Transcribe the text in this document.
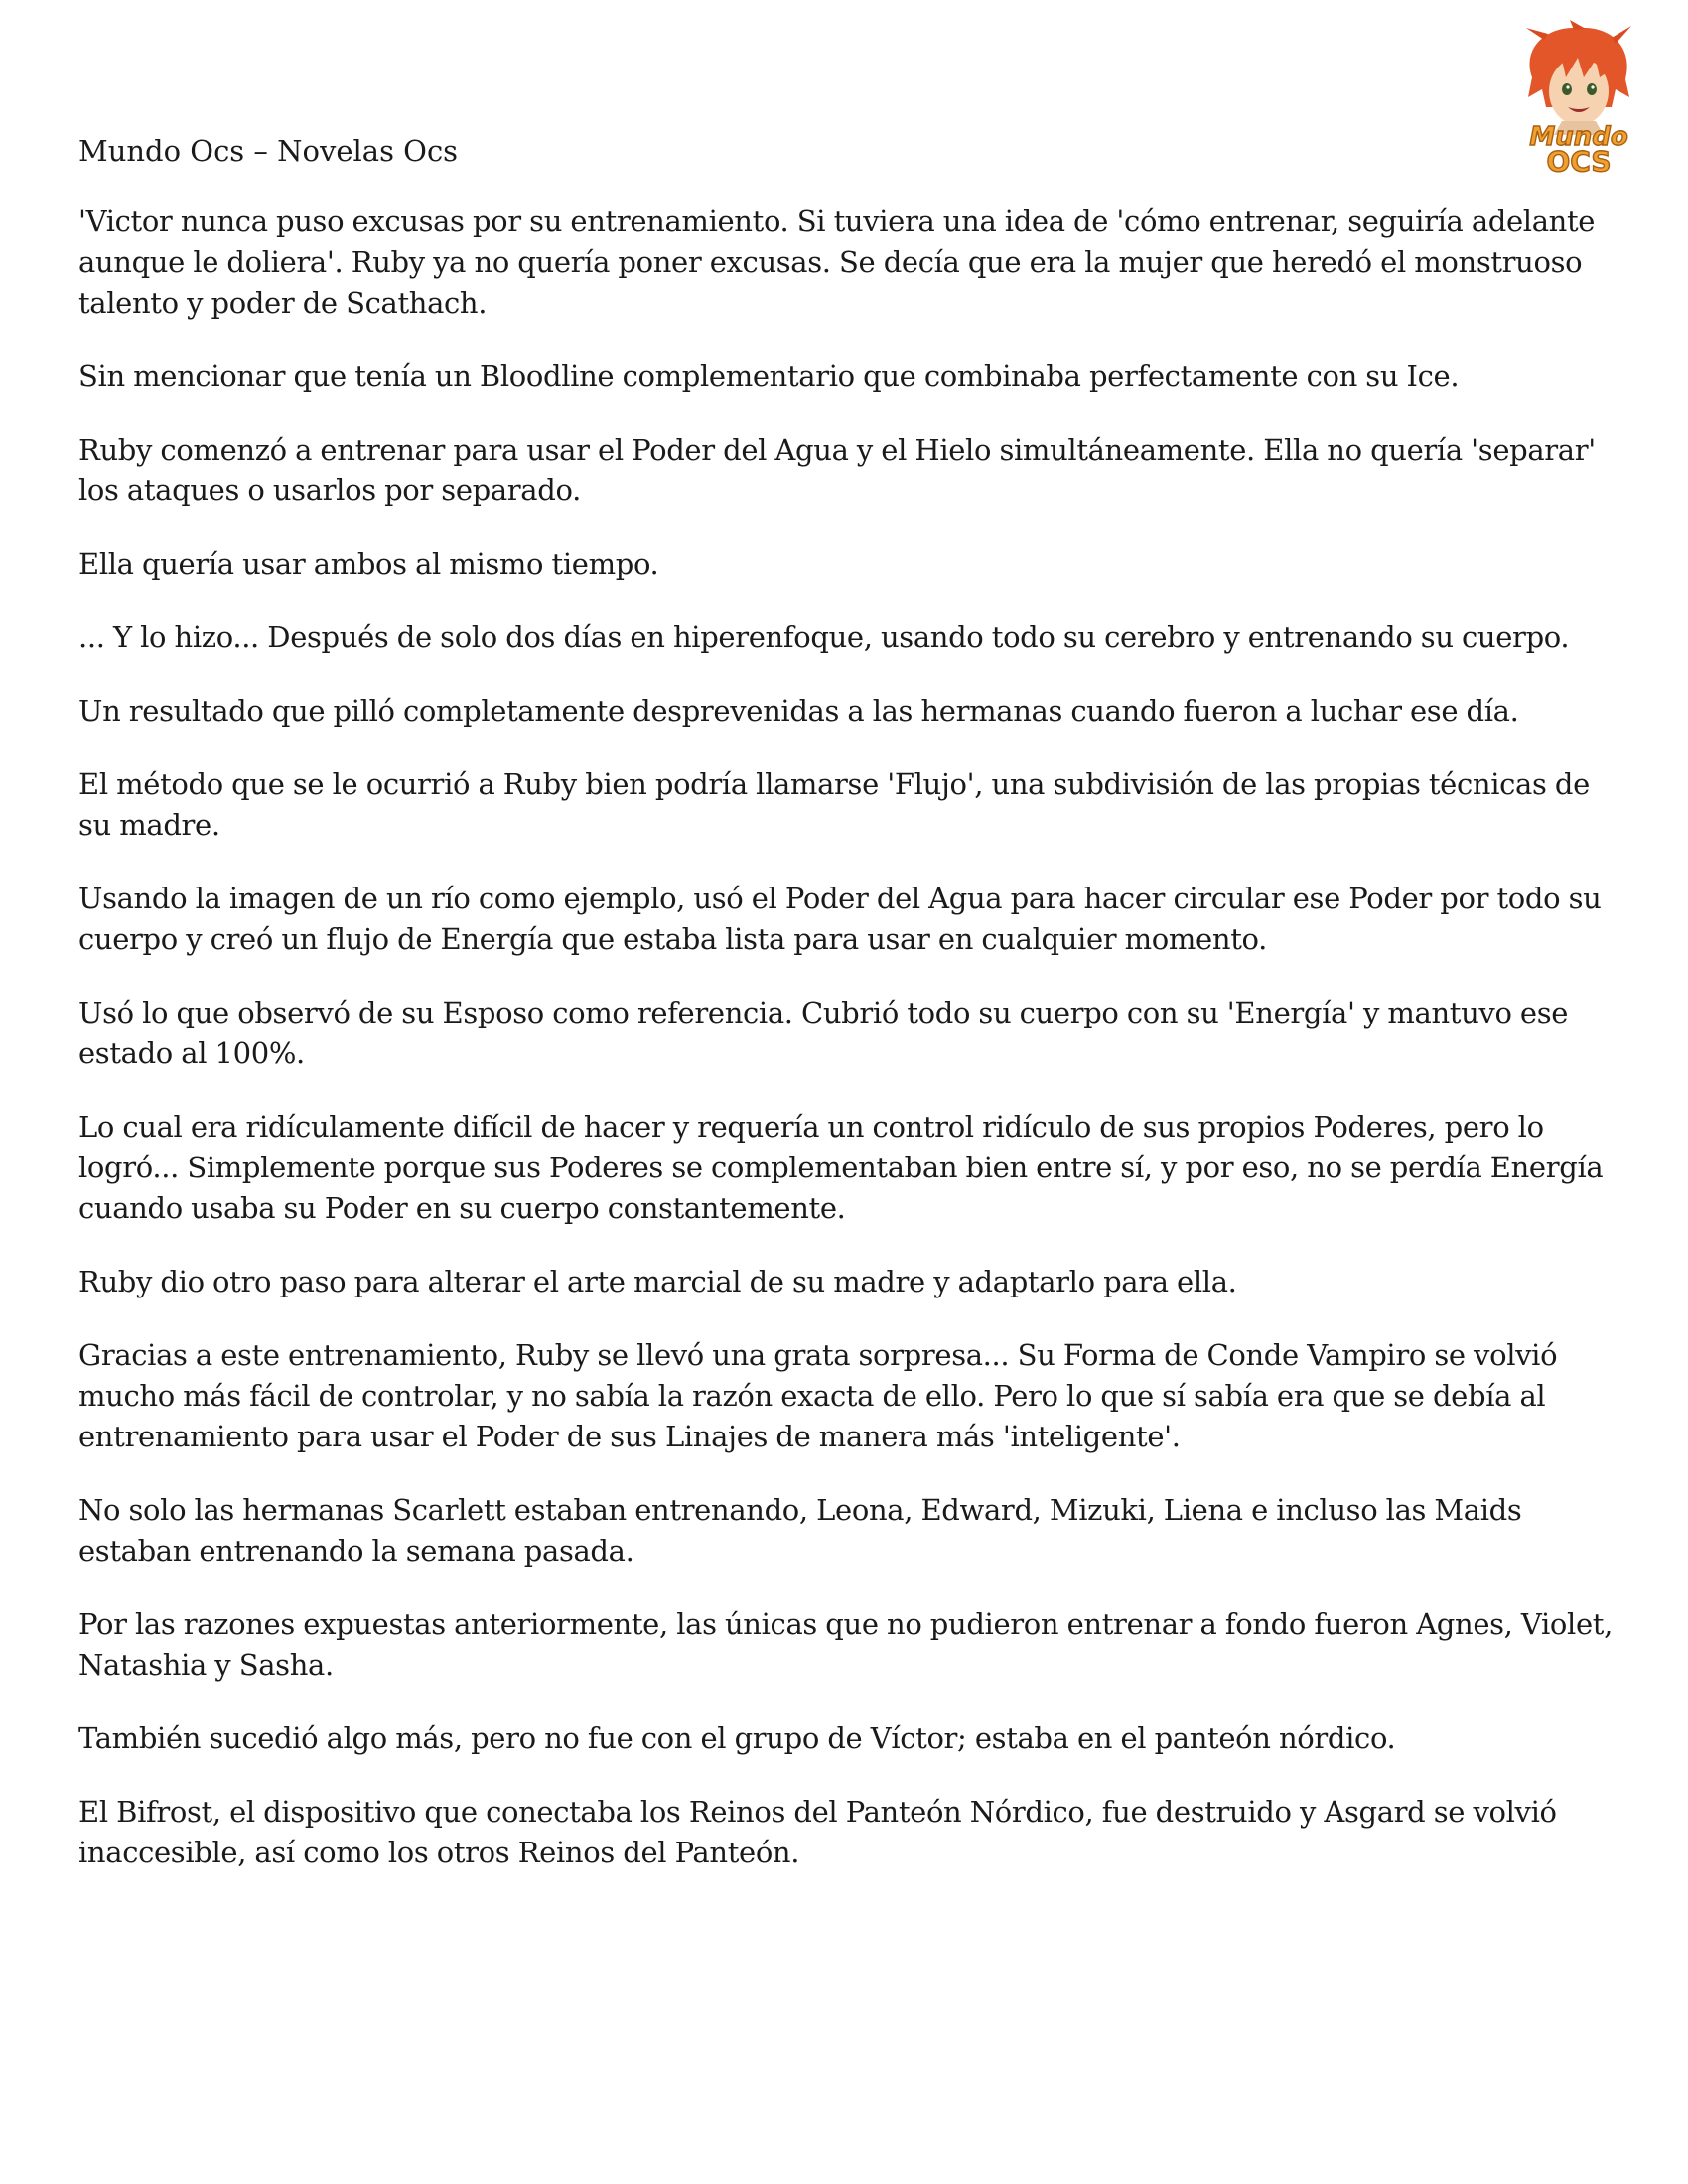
Mundo Ocs – Novelas Ocs	Mundo
OCS

'Victor nunca puso excusas por su entrenamiento. Si tuviera una idea de 'cómo entrenar, seguiría adelante aunque le doliera'. Ruby ya no quería poner excusas. Se decía que era la mujer que heredó el monstruoso talento y poder de Scathach.

Sin mencionar que tenía un Bloodline complementario que combinaba perfectamente con su Ice.

Ruby comenzó a entrenar para usar el Poder del Agua y el Hielo simultáneamente. Ella no quería 'separar' los ataques o usarlos por separado.

Ella quería usar ambos al mismo tiempo.

... Y lo hizo... Después de solo dos días en hiperenfoque, usando todo su cerebro y entrenando su cuerpo.

Un resultado que pilló completamente desprevenidas a las hermanas cuando fueron a luchar ese día.

El método que se le ocurrió a Ruby bien podría llamarse 'Flujo', una subdivisión de las propias técnicas de su madre.

Usando la imagen de un río como ejemplo, usó el Poder del Agua para hacer circular ese Poder por todo su cuerpo y creó un flujo de Energía que estaba lista para usar en cualquier momento.

Usó lo que observó de su Esposo como referencia. Cubrió todo su cuerpo con su 'Energía' y mantuvo ese estado al 100%.

Lo cual era ridículamente difícil de hacer y requería un control ridículo de sus propios Poderes, pero lo logró... Simplemente porque sus Poderes se complementaban bien entre sí, y por eso, no se perdía Energía cuando usaba su Poder en su cuerpo constantemente.

Ruby dio otro paso para alterar el arte marcial de su madre y adaptarlo para ella.

Gracias a este entrenamiento, Ruby se llevó una grata sorpresa... Su Forma de Conde Vampiro se volvió mucho más fácil de controlar, y no sabía la razón exacta de ello. Pero lo que sí sabía era que se debía al entrenamiento para usar el Poder de sus Linajes de manera más 'inteligente'.

No solo las hermanas Scarlett estaban entrenando, Leona, Edward, Mizuki, Liena e incluso las Maids estaban entrenando la semana pasada.

Por las razones expuestas anteriormente, las únicas que no pudieron entrenar a fondo fueron Agnes, Violet, Natashia y Sasha.

También sucedió algo más, pero no fue con el grupo de Víctor; estaba en el panteón nórdico.

El Bifrost, el dispositivo que conectaba los Reinos del Panteón Nórdico, fue destruido y Asgard se volvió inaccesible, así como los otros Reinos del Panteón.
